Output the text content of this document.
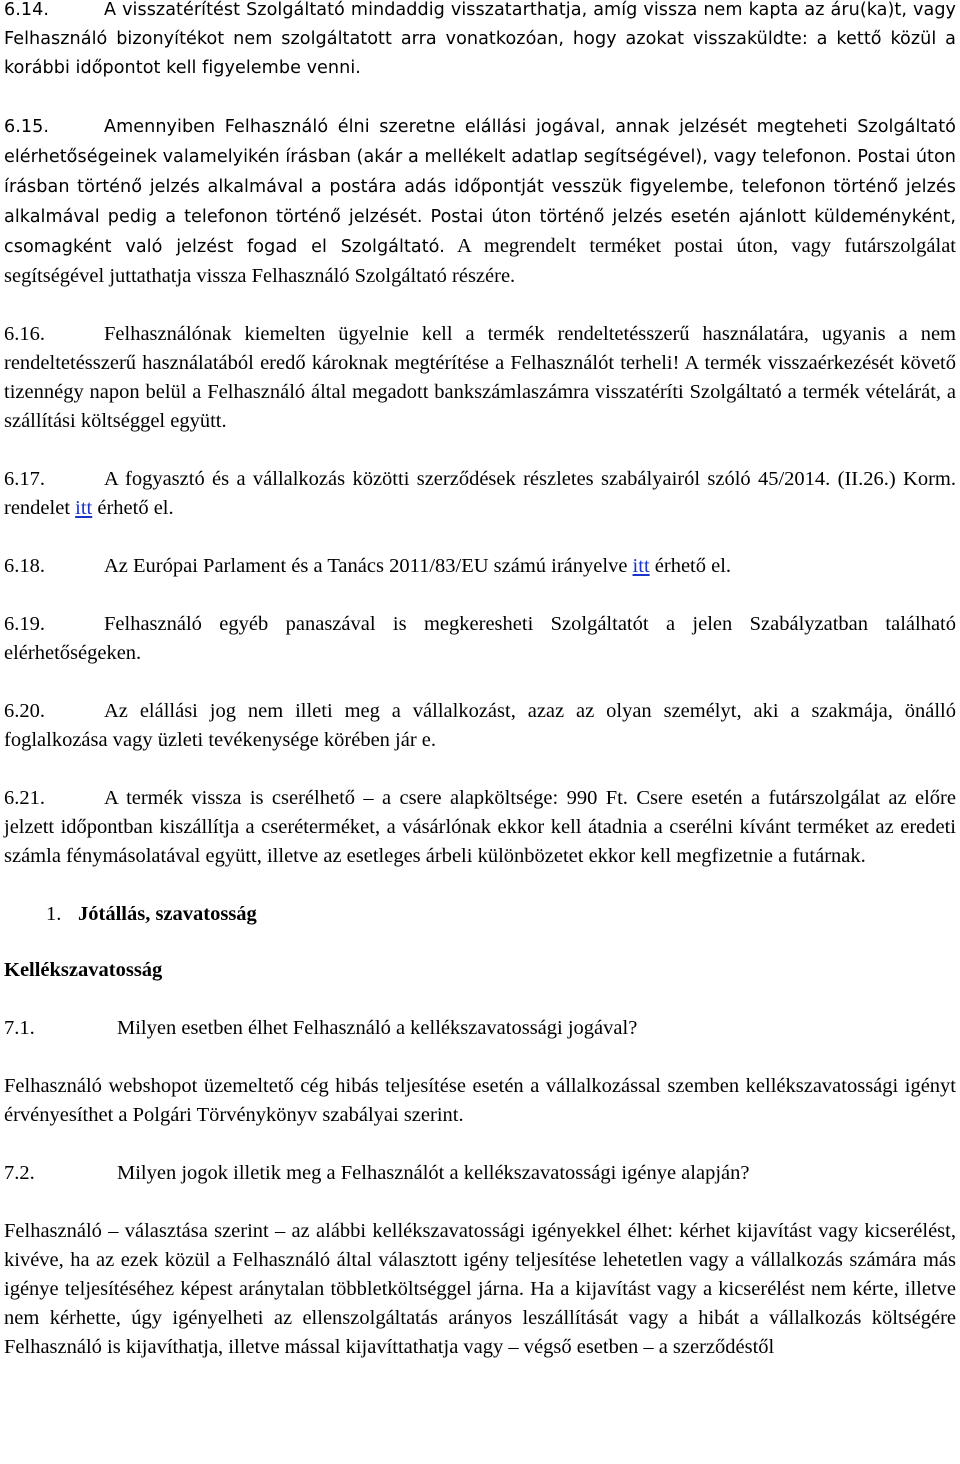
6.14.	A visszatérítést Szolgáltató mindaddig visszatarthatja, amíg vissza nem kapta az áru(ka)t, vagy Felhasználó bizonyítékot nem szolgáltatott arra vonatkozóan, hogy azokat visszaküldte: a kettő közül a korábbi időpontot kell figyelembe venni.

6.15.	Amennyiben Felhasználó élni szeretne elállási jogával, annak jelzését megteheti Szolgáltató elérhetőségeinek valamelyikén írásban (akár a mellékelt adatlap segítségével), vagy telefonon. Postai úton írásban történő jelzés alkalmával a postára adás időpontját vesszük figyelembe, telefonon történő jelzés alkalmával pedig a telefonon történő jelzését. Postai úton történő jelzés esetén ajánlott küldeményként, csomagként való jelzést fogad el Szolgáltató. A megrendelt terméket postai úton, vagy futárszolgálat segítségével juttathatja vissza Felhasználó Szolgáltató részére.

6.16.	Felhasználónak kiemelten ügyelnie kell a termék rendeltetésszerű használatára, ugyanis a nem rendeltetésszerű használatából eredő károknak megtérítése a Felhasználót terheli! A termék visszaérkezését követő tizennégy napon belül a Felhasználó által megadott bankszámlaszámra visszatéríti Szolgáltató a termék vételárát, a szállítási költséggel együtt.

6.17.	A fogyasztó és a vállalkozás közötti szerződések részletes szabályairól szóló 45/2014. (II.26.) Korm. rendelet itt érhető el.

6.18.	Az Európai Parlament és a Tanács 2011/83/EU számú irányelve itt érhető el.

6.19.	Felhasználó egyéb panaszával is megkeresheti Szolgáltatót a jelen Szabályzatban található elérhetőségeken.

6.20.	Az elállási jog nem illeti meg a vállalkozást, azaz az olyan személyt, aki a szakmája, önálló foglalkozása vagy üzleti tevékenysége körében jár e.

6.21.	A termék vissza is cserélhető – a csere alapköltsége: 990 Ft. Csere esetén a futárszolgálat az előre jelzett időpontban kiszállítja a cseréterméket, a vásárlónak ekkor kell átadnia a cserélni kívánt terméket az eredeti számla fénymásolatával együtt, illetve az esetleges árbeli különbözetet ekkor kell megfizetnie a futárnak.

1. Jótállás, szavatosság

Kellékszavatosság

7.1.	Milyen esetben élhet Felhasználó a kellékszavatossági jogával?

Felhasználó webshopot üzemeltető cég hibás teljesítése esetén a vállalkozással szemben kellékszavatossági igényt érvényesíthet a Polgári Törvénykönyv szabályai szerint.

7.2.	Milyen jogok illetik meg a Felhasználót a kellékszavatossági igénye alapján?

Felhasználó – választása szerint – az alábbi kellékszavatossági igényekkel élhet: kérhet kijavítást vagy kicserélést, kivéve, ha az ezek közül a Felhasználó által választott igény teljesítése lehetetlen vagy a vállalkozás számára más igénye teljesítéséhez képest aránytalan többletköltséggel járna. Ha a kijavítást vagy a kicserélést nem kérte, illetve nem kérhette, úgy igényelheti az ellenszolgáltatás arányos leszállítását vagy a hibát a vállalkozás költségére Felhasználó is kijavíthatja, illetve mással kijavíttathatja vagy – végső esetben – a szerződéstől
